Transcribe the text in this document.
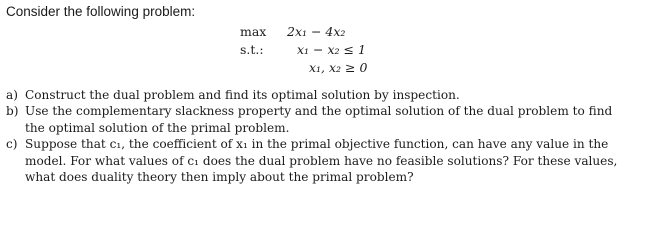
Consider the following problem:
max 2x₁ − 4x₂
s.t.:	x₁ − x₂ ≤ 1
x₁, x₂ ≥ 0
a) Construct the dual problem and find its optimal solution by inspection.
b) Use the complementary slackness property and the optimal solution of the dual problem to find
the optimal solution of the primal problem.
c) Suppose that c₁, the coefficient of x₁ in the primal objective function, can have any value in the
model. For what values of c₁ does the dual problem have no feasible solutions? For these values,
what does duality theory then imply about the primal problem?
